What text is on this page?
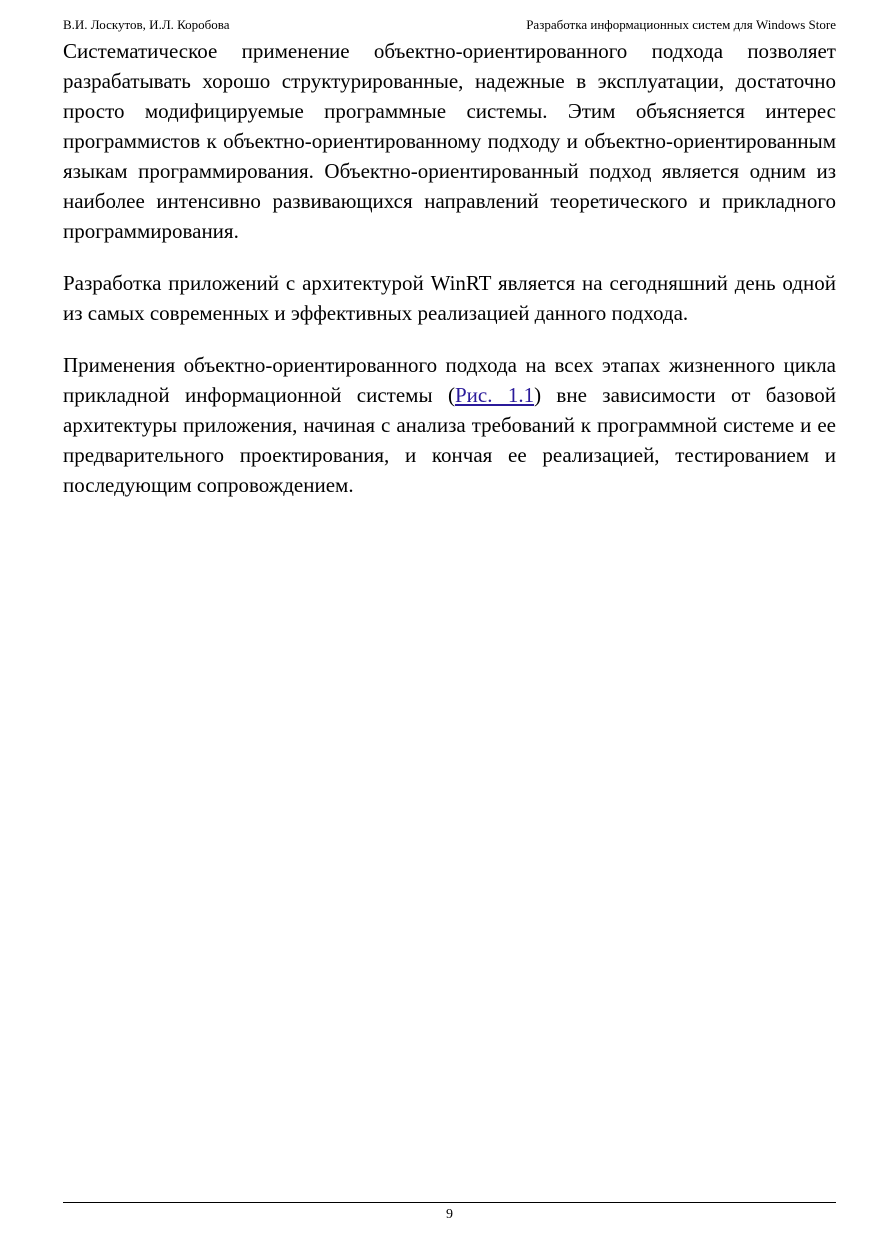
В.И. Лоскутов, И.Л. Коробова	Разработка информационных систем для Windows Store

Систематическое применение объектно-ориентированного подхода позволяет разрабатывать хорошо структурированные, надежные в эксплуатации, достаточно просто модифицируемые программные системы. Этим объясняется интерес программистов к объектно-ориентированному подходу и объектно-ориентированным языкам программирования. Объектно-ориентированный подход является одним из наиболее интенсивно развивающихся направлений теоретического и прикладного программирования.

Разработка приложений с архитектурой WinRT является на сегодняшний день одной из самых современных и эффективных реализацией данного подхода.

Применения объектно-ориентированного подхода на всех этапах жизненного цикла прикладной информационной системы (Рис. 1.1) вне зависимости от базовой архитектуры приложения, начиная с анализа требований к программной системе и ее предварительного проектирования, и кончая ее реализацией, тестированием и последующим сопровождением.

9
